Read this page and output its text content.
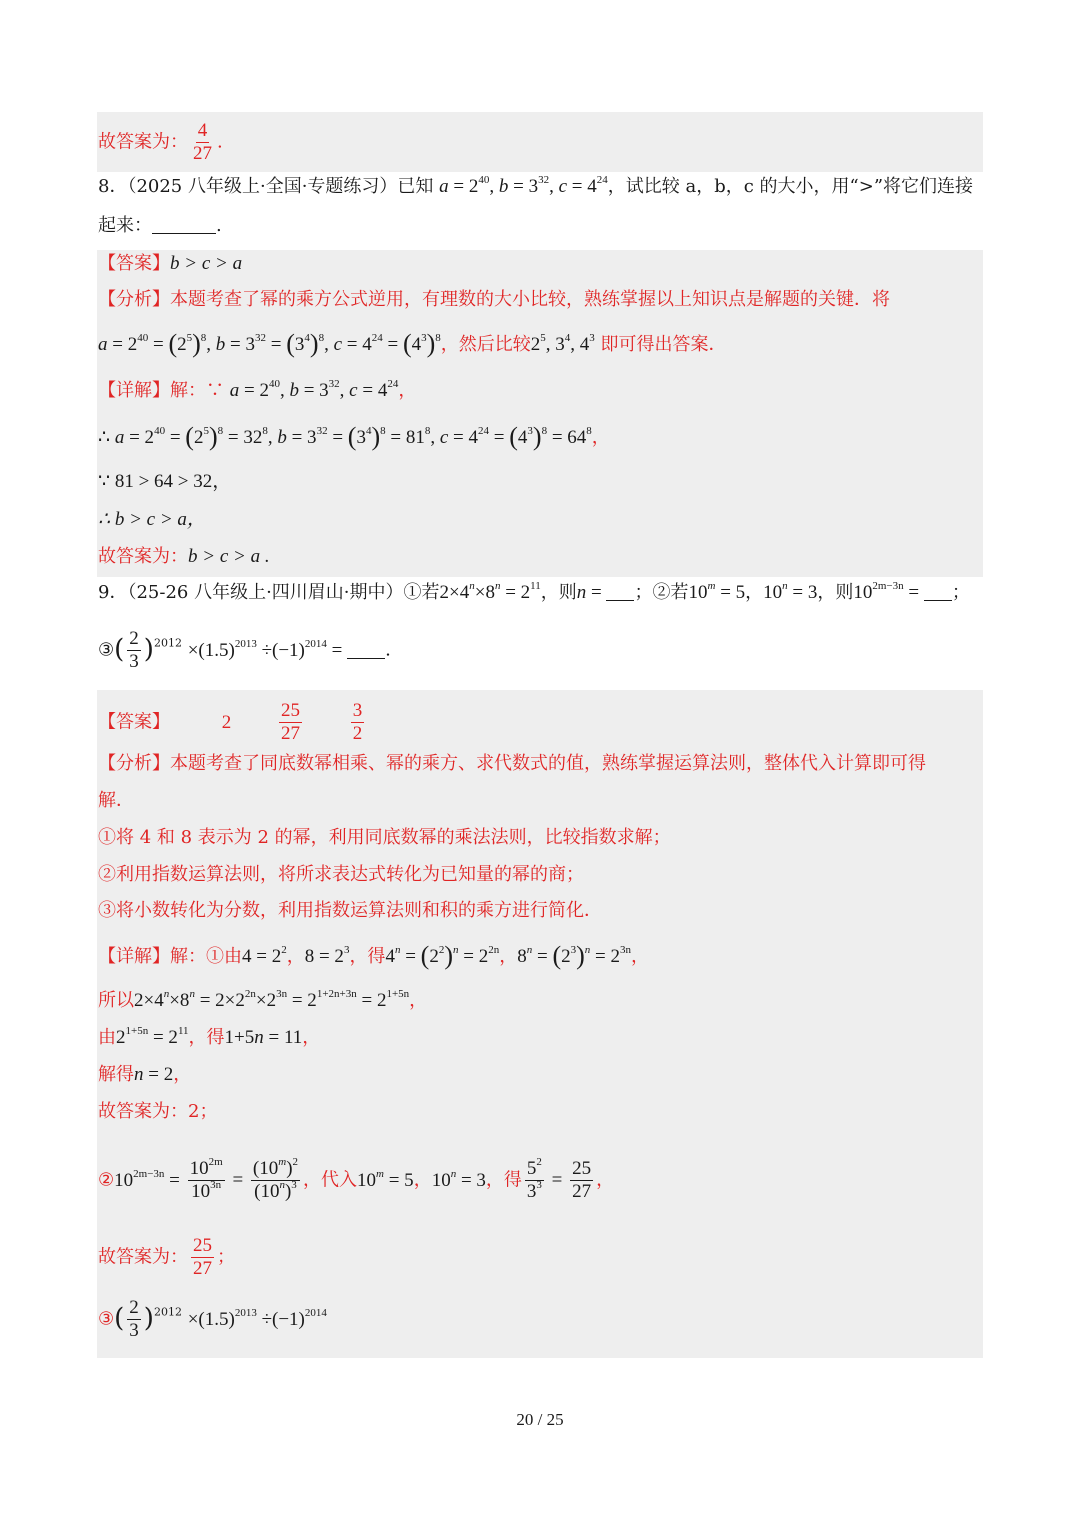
故答案为： $\frac{4}{27}$ .
8．（2025 八年级上·全国·专题练习）已知 $a = 2^{40}$, $b = 3^{32}$, $c = 4^{24}$，试比较 a，b，c 的大小，用“>”将它们连接
起来：	.
【答案】b > c > a
【分析】本题考查了幂的乘方公式逆用，有理数的大小比较，熟练掌握以上知识点是解题的关键．将
$a = 2^{40} = (2^5)^8$, $b = 3^{32} = (3^4)^8$, $c = 4^{24} = (4^3)^8$，然后比较$2^5$, $3^4$, $4^3$ 即可得出答案．
【详解】解：∵ $a = 2^{40}$, $b = 3^{32}$, $c = 4^{24}$，
∴ $a = 2^{40} = (2^5)^8 = 32^8$, $b = 3^{32} = (3^4)^8 = 81^8$, $c = 4^{24} = (4^3)^8 = 64^8$，
∵ 81 > 64 > 32，
∴ b > c > a，
故答案为：b > c > a .
9．（25-26 八年级上·四川眉山·期中）①若$2\times 4^n\times 8^n = 2^{11}$，则n = ；②若$10^m = 5$，$10^n = 3$，则$10^{2m-3n}$ = ；
③( $\frac{2}{3} )^{2012} \times(1.5)^{2013} \div(-1)^{2014}$ = .
【答案】	2	$\frac{25}{27}$
	$\frac{3}{2}$
【分析】本题考查了同底数幂相乘、幂的乘方、求代数式的值，熟练掌握运算法则，整体代入计算即可得
解．
①将 4 和 8 表示为 2 的幂，利用同底数幂的乘法法则，比较指数求解；
②利用指数运算法则，将所求表达式转化为已知量的幂的商；
③将小数转化为分数，利用指数运算法则和积的乘方进行简化．
【详解】解：①由$4 = 2^2$，$8 = 2^3$，得$4^n = (2^2)^n = 2^{2n}$，$8^n = (2^3)^n = 2^{3n}$，
所以$2\times 4^n\times 8^n = 2\times 2^{2n}\times 2^{3n} = 2^{1+2n+3n} = 2^{1+5n}$，
由$2^{1+5n} = 2^{11}$，得1+5n = 11，
解得n = 2，
故答案为：2；
$②10^{2m-3n} = \frac{10^{2m}}{10^{3n}} = \frac{(10^m)^2}{(10^n)^3}$ ，代入$10^m = 5$，$10^n = 3$，得 $\frac{5^2}{3^3} = \frac{25}{27}$ ，
故答案为： $\frac{25}{27}$ ；
③( $\frac{2}{3} )^{2012} \times(1.5)^{2013} \div(-1)^{2014}$
20 / 25
